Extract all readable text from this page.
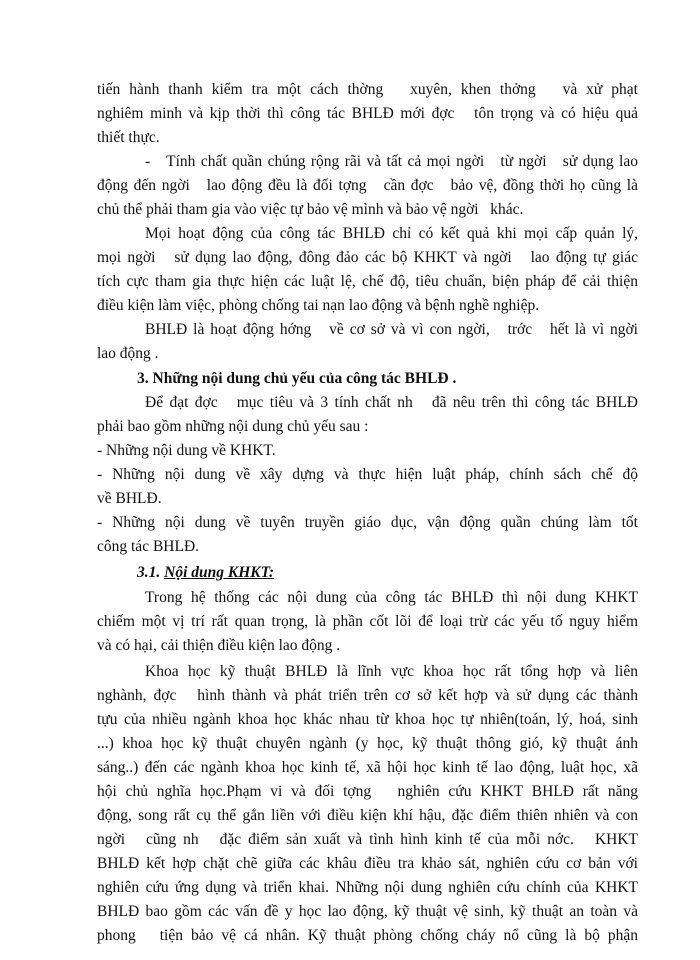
tiến hành thanh kiểm tra một cách thờng   xuyên, khen thởng   và xử phạt
nghiêm minh và kịp thời thì công tác BHLĐ mới đợc   tôn trọng và có hiệu quả
thiết thực.
-   Tính chất quần chúng rộng rãi và tất cả mọi ngời   từ ngời   sử dụng lao
động đến ngời   lao động đều là đối tợng   cần đợc   bảo vệ, đồng thời họ cũng là
chủ thể phải tham gia vào việc tự bảo vệ mình và bảo vệ ngời   khác.
Mọi hoạt động của công tác BHLĐ chỉ có kết quả khi mọi cấp quản lý,
mọi ngời   sử dụng lao động, đông đảo các bộ KHKT và ngời   lao động tự giác
tích cực tham gia thực hiện các luật lệ, chế độ, tiêu chuẩn, biện pháp để cải thiện
điều kiện làm việc, phòng chống tai nạn lao động và bệnh nghề nghiệp.
BHLĐ là hoạt động hớng   về cơ sở và vì con ngời,   trớc   hết là vì ngời
lao động .
3. Những nội dung chủ yếu của công tác BHLĐ .
Để đạt đợc   mục tiêu và 3 tính chất nh   đã nêu trên thì công tác BHLĐ
phải bao gồm những nội dung chủ yếu sau :
- Những nội dung về KHKT.
- Những nội dung về xây dựng và thực hiện luật pháp, chính sách chế độ
về BHLĐ.
- Những nội dung về tuyên truyền giáo dục, vận động quần chúng làm tốt
công tác BHLĐ.
3.1. Nội dung KHKT:
Trong hệ thống các nội dung của công tác BHLĐ thì nội dung KHKT
chiếm một vị trí rất quan trọng, là phần cốt lõi để loại trừ các yếu tố nguy hiểm
và có hại, cải thiện điều kiện lao động .
Khoa học kỹ thuật BHLĐ là lĩnh vực khoa học rất tổng hợp và liên
nghành, đợc   hình thành và phát triển trên cơ sở kết hợp và sử dụng các thành
tựu của nhiều ngành khoa học khác nhau từ khoa học tự nhiên(toán, lý, hoá, sinh
...) khoa học kỹ thuật chuyên ngành (y học, kỹ thuật thông gió, kỹ thuật ánh
sáng..) đến các ngành khoa học kinh tế, xã hội học kinh tế lao động, luật học, xã
hội chủ nghĩa học.Phạm vi và đối tợng   nghiên cứu KHKT BHLĐ rất năng
động, song rất cụ thể gắn liền với điều kiện khí hậu, đặc điểm thiên nhiên và con
ngời   cũng nh   đặc điểm sản xuất và tình hình kinh tế của mỗi nớc.   KHKT
BHLĐ kết hợp chặt chẽ giữa các khâu điều tra khảo sát, nghiên cứu cơ bản với
nghiên cứu ứng dụng và triển khai. Những nội dung nghiên cứu chính của KHKT
BHLĐ bao gồm các vấn đề y học lao động, kỹ thuật vệ sinh, kỹ thuật an toàn và
phong   tiện bảo vệ cá nhân. Kỹ thuật phòng chống cháy nổ cũng là bộ phận
